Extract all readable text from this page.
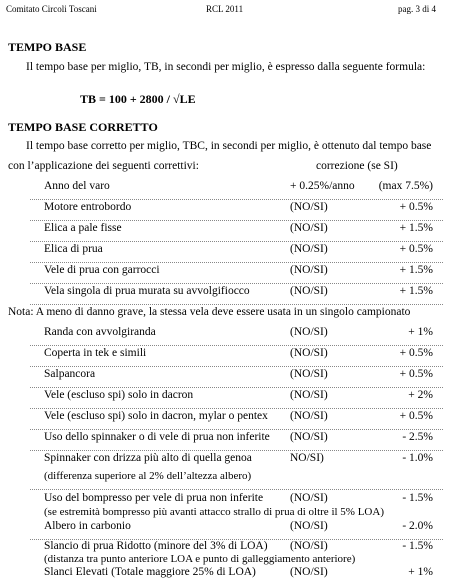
Comitato Circoli Toscani	RCL 2011	pag. 3 di 4
TEMPO BASE
Il tempo base per miglio, TB, in secondi per miglio, è espresso dalla seguente formula:
TB = 100 + 2800 / √LE
TEMPO BASE CORRETTO
Il tempo base corretto per miglio, TBC, in secondi per miglio, è ottenuto dal tempo base
con l’applicazione dei seguenti correttivi:	correzione (se SI)
Anno del varo	+ 0.25%/anno (max 7.5%)
Motore entrobordo	(NO/SI)	+ 0.5%
Elica a pale fisse	(NO/SI)	+ 1.5%
Elica di prua	(NO/SI)	+ 0.5%
Vele di prua con garrocci	(NO/SI)	+ 1.5%
Vela singola di prua murata su avvolgifiocco	(NO/SI)	+ 1.5%
Nota: A meno di danno grave, la stessa vela deve essere usata in un singolo campionato
Randa con avvolgiranda	(NO/SI)	+ 1%
Coperta in tek e simili	(NO/SI)	+ 0.5%
Salpancora	(NO/SI)	+ 0.5%
Vele (escluso spi) solo in dacron	(NO/SI)	+ 2%
Vele (escluso spi) solo in dacron, mylar o pentex (NO/SI)	+ 0.5%
Uso dello spinnaker o di vele di prua non inferite (NO/SI)	- 2.5%
Spinnaker con drizza più alto di quella genoa	NO/SI)	- 1.0%
(differenza superiore al 2% dell’altezza albero)
Uso del bompresso per vele di prua non inferite (NO/SI)	- 1.5%
(se estremità bompresso più avanti attacco strallo di prua di oltre il 5% LOA)
Albero in carbonio	(NO/SI)	- 2.0%
Slancio di prua Ridotto (minore del 3% di LOA) (NO/SI)	- 1.5%
(distanza tra punto anteriore LOA e punto di galleggiamento anteriore)
Slanci Elevati (Totale maggiore 25% di LOA)	(NO/SI)	+ 1%
